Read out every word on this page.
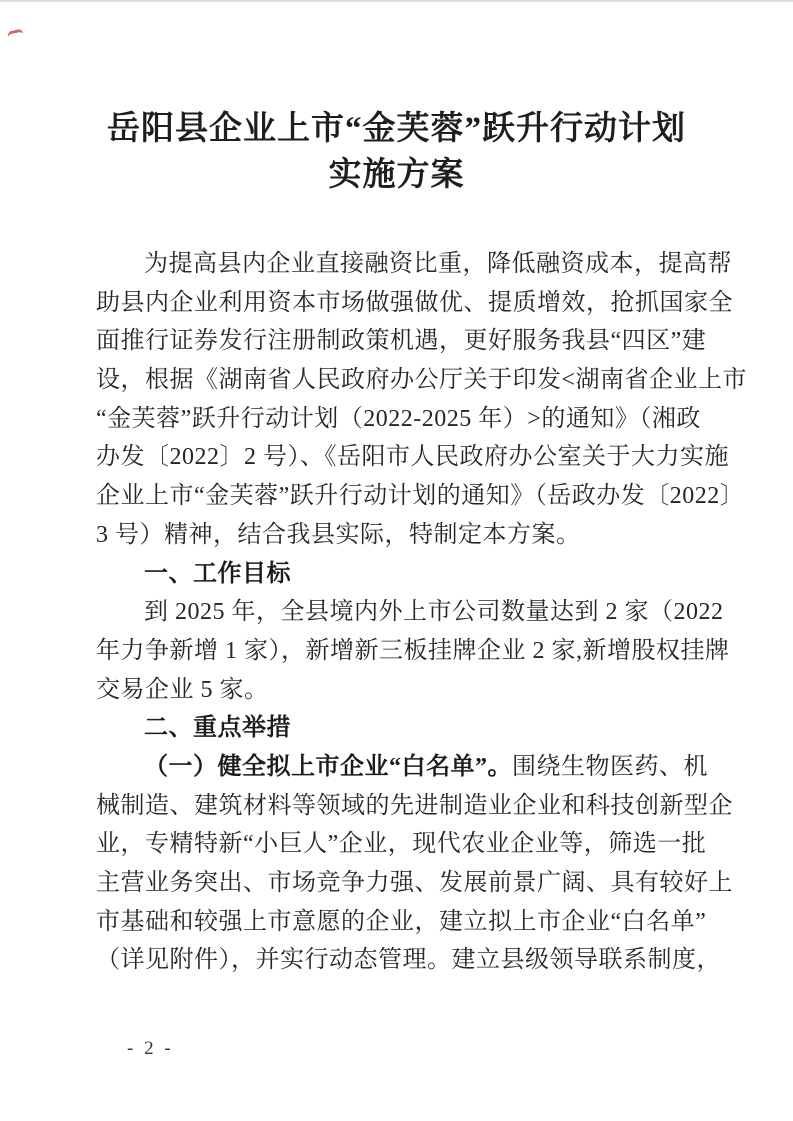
岳阳县企业上市“金芙蓉”跃升行动计划
实施方案
为提高县内企业直接融资比重，降低融资成本，提高帮
助县内企业利用资本市场做强做优、提质增效，抢抓国家全
面推行证券发行注册制政策机遇，更好服务我县“四区”建
设，根据《湖南省人民政府办公厅关于印发<湖南省企业上市
“金芙蓉”跃升行动计划（2022-2025 年）>的通知》（湘政
办发〔2022〕2 号）、《岳阳市人民政府办公室关于大力实施
企业上市“金芙蓉”跃升行动计划的通知》（岳政办发〔2022〕
3 号）精神，结合我县实际，特制定本方案。
一、工作目标
到 2025 年，全县境内外上市公司数量达到 2 家（2022
年力争新增 1 家），新增新三板挂牌企业 2 家,新增股权挂牌
交易企业 5 家。
二、重点举措
（一）健全拟上市企业“白名单”。围绕生物医药、机
械制造、建筑材料等领域的先进制造业企业和科技创新型企
业，专精特新“小巨人”企业，现代农业企业等，筛选一批
主营业务突出、市场竞争力强、发展前景广阔、具有较好上
市基础和较强上市意愿的企业，建立拟上市企业“白名单”
（详见附件），并实行动态管理。建立县级领导联系制度，
- 2 -
